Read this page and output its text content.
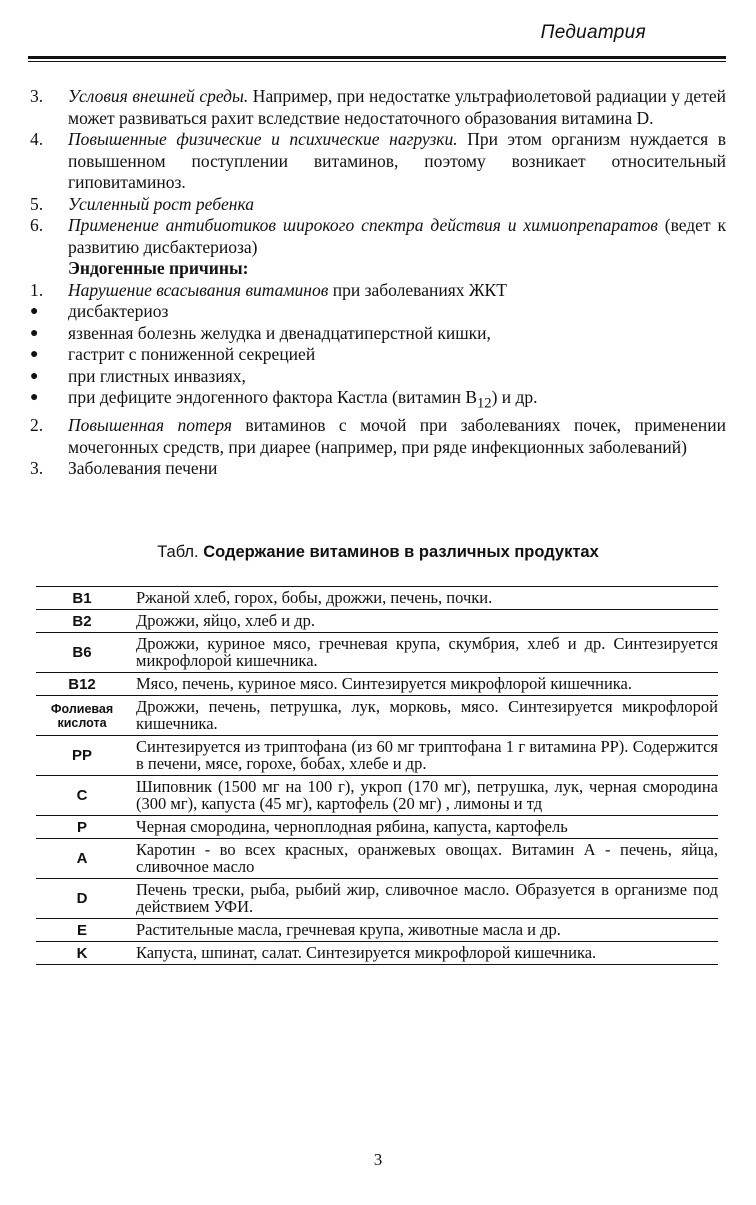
Педиатрия
3.	Условия внешней среды. Например, при недостатке ультрафиолетовой радиации у детей может развиваться рахит вследствие недостаточного образования витамина D.
4.	Повышенные физические и психические нагрузки. При этом организм нуждается в повышенном поступлении витаминов, поэтому возникает относительный гиповитаминоз.
5.	Усиленный рост ребенка
6.	Применение антибиотиков широкого спектра действия и химиопрепаратов (ведет к развитию дисбактериоза)
Эндогенные причины:
1.	Нарушение всасывания витаминов при заболеваниях ЖКТ
●	дисбактериоз
●	язвенная болезнь желудка и двенадцатиперстной кишки,
●	гастрит с пониженной секрецией
●	при глистных инвазиях,
●	при дефиците эндогенного фактора Кастла (витамин $B_{12}$) и др.
2.	Повышенная потеря витаминов с мочой при заболеваниях почек, применении мочегонных средств, при диарее (например, при ряде инфекционных заболеваний)
3.	Заболевания печени
Табл. Содержание витаминов в различных продуктах
В1	Ржаной хлеб, горох, бобы, дрожжи, печень, почки.
В2	Дрожжи, яйцо, хлеб и др.
В6	Дрожжи, куриное мясо, гречневая крупа, скумбрия, хлеб и др. Синтезируется микрофлорой кишечника.
В12	Мясо, печень, куриное мясо. Синтезируется микрофлорой кишечника.
Фолиевая кислота	Дрожжи, печень, петрушка, лук, морковь, мясо. Синтезируется микрофлорой кишечника.
PP	Синтезируется из триптофана (из 60 мг триптофана 1 г витамина PP). Содержится в печени, мясе, горохе, бобах, хлебе и др.
C	Шиповник (1500 мг на 100 г), укроп (170 мг), петрушка, лук, черная смородина (300 мг), капуста (45 мг), картофель (20 мг) , лимоны и тд
P	Черная смородина, черноплодная рябина, капуста, картофель
A	Каротин - во всех красных, оранжевых овощах. Витамин А - печень, яйца, сливочное масло
D	Печень трески, рыба, рыбий жир, сливочное масло. Образуется в организме под действием УФИ.
E	Растительные масла, гречневая крупа, животные масла и др.
K	Капуста, шпинат, салат. Синтезируется микрофлорой кишечника.
3
